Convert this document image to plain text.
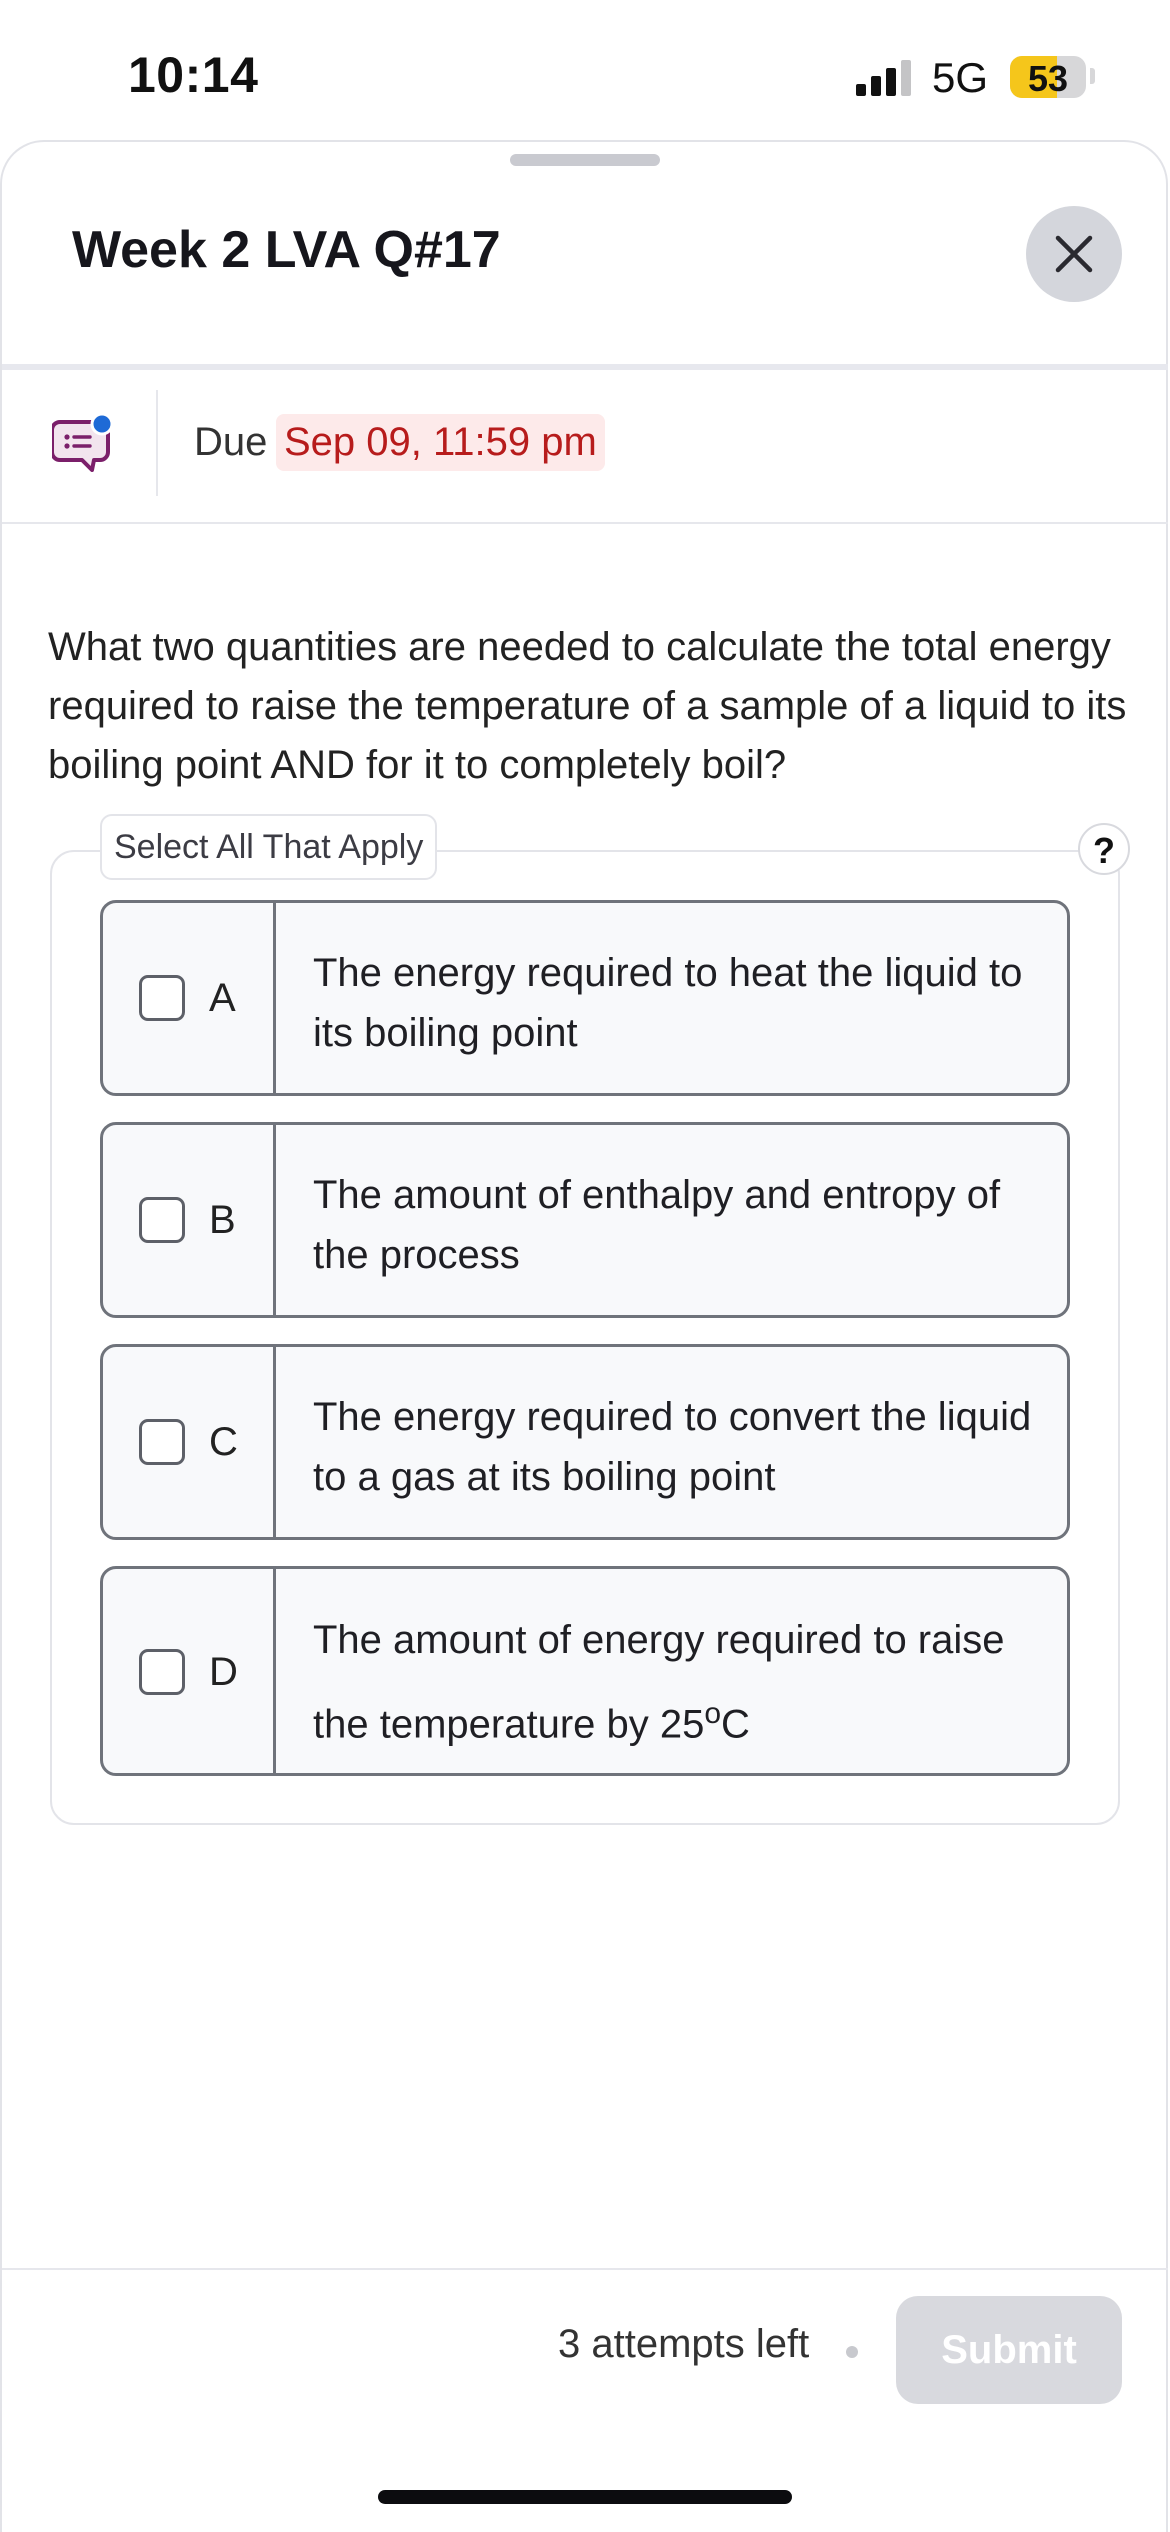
10:14	5G	53
Week 2 LVA Q#17
Due Sep 09, 11:59 pm
What two quantities are needed to calculate the total energy required to raise the temperature of a sample of a liquid to its boiling point AND for it to completely boil?
Select All That Apply	?
A
The energy required to heat the liquid to its boiling point
B
The amount of enthalpy and entropy of the process
C
The energy required to convert the liquid to a gas at its boiling point
D
The amount of energy required to raise the temperature by 25$^o$C
3 attempts left	Submit
